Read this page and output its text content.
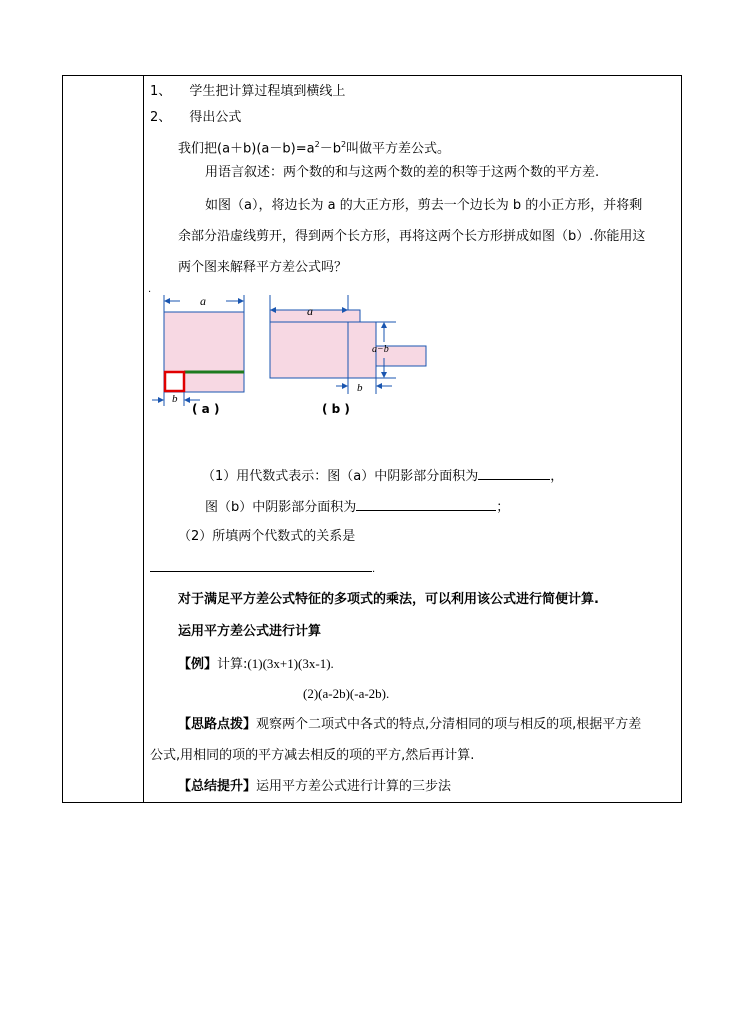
1、 学生把计算过程填到横线上
2、 得出公式
我们把$(a+b)(a-b)=a^2-b^2$叫做平方差公式。
用语言叙述：两个数的和与这两个数的差的积等于这两个数的平方差.
如图（a），将边长为 a 的大正方形，剪去一个边长为 b 的小正方形，并将剩
余部分沿虚线剪开，得到两个长方形，再将这两个长方形拼成如图（b）.你能用这
两个图来解释平方差公式吗？
·
a
b
a
a−b
b
( a )	( b )
（1）用代数式表示：图（a）中阴影部分面积为	，
图（b）中阴影部分面积为	；
（2）所填两个代数式的关系是
.
对于满足平方差公式特征的多项式的乘法，可以利用该公式进行简便计算.
运用平方差公式进行计算
【例】计算:(1)(3x+1)(3x-1).
(2)(a-2b)(-a-2b).
【思路点拨】观察两个二项式中各式的特点,分清相同的项与相反的项,根据平方差
公式,用相同的项的平方减去相反的项的平方,然后再计算.
【总结提升】运用平方差公式进行计算的三步法
